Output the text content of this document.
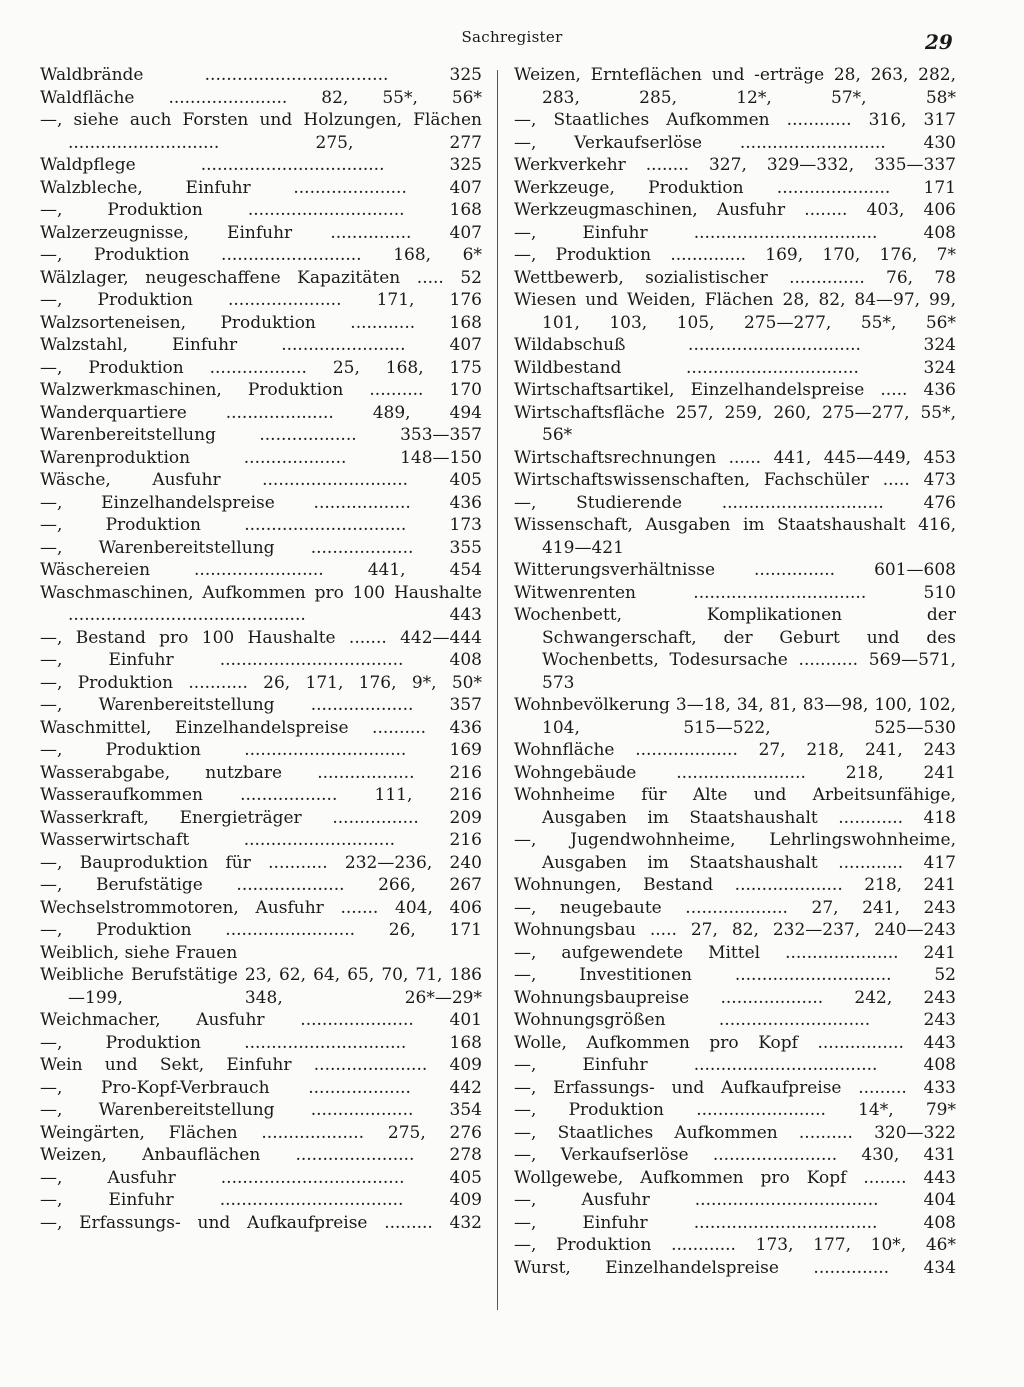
Sachregister	29
Waldbrände .................................. 325
Waldfläche ...................... 82, 55*, 56*
—, siehe auch Forsten und Holzungen, Flächen ............................ 275, 277
Waldpflege .................................. 325
Walzbleche, Einfuhr ..................... 407
—, Produktion ............................. 168
Walzerzeugnisse, Einfuhr ............... 407
—, Produktion .......................... 168, 6*
Wälzlager, neugeschaffene Kapazitäten ..... 52
—, Produktion ..................... 171, 176
Walzsorteneisen, Produktion ............ 168
Walzstahl, Einfuhr ....................... 407
—, Produktion .................. 25, 168, 175
Walzwerkmaschinen, Produktion .......... 170
Wanderquartiere .................... 489, 494
Warenbereitstellung .................. 353—357
Warenproduktion ................... 148—150
Wäsche, Ausfuhr ........................... 405
—, Einzelhandelspreise .................. 436
—, Produktion .............................. 173
—, Warenbereitstellung ................... 355
Wäschereien ........................ 441, 454
Waschmaschinen, Aufkommen pro 100 Haushalte ............................................ 443
—, Bestand pro 100 Haushalte ....... 442—444
—, Einfuhr .................................. 408
—, Produktion ........... 26, 171, 176, 9*, 50*
—, Warenbereitstellung ................... 357
Waschmittel, Einzelhandelspreise .......... 436
—, Produktion .............................. 169
Wasserabgabe, nutzbare .................. 216
Wasseraufkommen .................. 111, 216
Wasserkraft, Energieträger ................ 209
Wasserwirtschaft ............................ 216
—, Bauproduktion für ........... 232—236, 240
—, Berufstätige .................... 266, 267
Wechselstrommotoren, Ausfuhr ....... 404, 406
—, Produktion ........................ 26, 171
Weiblich, siehe Frauen
Weibliche Berufstätige 23, 62, 64, 65, 70, 71, 186—199, 348, 26*—29*
Weichmacher, Ausfuhr ..................... 401
—, Produktion .............................. 168
Wein und Sekt, Einfuhr ..................... 409
—, Pro-Kopf-Verbrauch ................... 442
—, Warenbereitstellung ................... 354
Weingärten, Flächen ................... 275, 276
Weizen, Anbauflächen ...................... 278
—, Ausfuhr .................................. 405
—, Einfuhr .................................. 409
—, Erfassungs- und Aufkaufpreise ......... 432
Weizen, Ernteflächen und -erträge 28, 263, 282, 283, 285, 12*, 57*, 58*
—, Staatliches Aufkommen ............ 316, 317
—, Verkaufserlöse ........................... 430
Werkverkehr ........ 327, 329—332, 335—337
Werkzeuge, Produktion ..................... 171
Werkzeugmaschinen, Ausfuhr ........ 403, 406
—, Einfuhr .................................. 408
—, Produktion .............. 169, 170, 176, 7*
Wettbewerb, sozialistischer .............. 76, 78
Wiesen und Weiden, Flächen 28, 82, 84—97, 99, 101, 103, 105, 275—277, 55*, 56*
Wildabschuß ................................ 324
Wildbestand ................................ 324
Wirtschaftsartikel, Einzelhandelspreise ..... 436
Wirtschaftsfläche 257, 259, 260, 275—277, 55*, 56*
Wirtschaftsrechnungen ...... 441, 445—449, 453
Wirtschaftswissenschaften, Fachschüler ..... 473
—, Studierende .............................. 476
Wissenschaft, Ausgaben im Staatshaushalt 416, 419—421
Witterungsverhältnisse ............... 601—608
Witwenrenten ................................ 510
Wochenbett, Komplikationen der Schwangerschaft, der Geburt und des Wochenbetts, Todesursache ........... 569—571, 573
Wohnbevölkerung 3—18, 34, 81, 83—98, 100, 102, 104, 515—522, 525—530
Wohnfläche ................... 27, 218, 241, 243
Wohngebäude ........................ 218, 241
Wohnheime für Alte und Arbeitsunfähige, Ausgaben im Staatshaushalt ............ 418
—, Jugendwohnheime, Lehrlingswohnheime, Ausgaben im Staatshaushalt ............ 417
Wohnungen, Bestand .................... 218, 241
—, neugebaute ................... 27, 241, 243
Wohnungsbau ..... 27, 82, 232—237, 240—243
—, aufgewendete Mittel ..................... 241
—, Investitionen ............................. 52
Wohnungsbaupreise ................... 242, 243
Wohnungsgrößen ............................ 243
Wolle, Aufkommen pro Kopf ................ 443
—, Einfuhr .................................. 408
—, Erfassungs- und Aufkaufpreise ......... 433
—, Produktion ........................ 14*, 79*
—, Staatliches Aufkommen .......... 320—322
—, Verkaufserlöse ....................... 430, 431
Wollgewebe, Aufkommen pro Kopf ........ 443
—, Ausfuhr .................................. 404
—, Einfuhr .................................. 408
—, Produktion ............ 173, 177, 10*, 46*
Wurst, Einzelhandelspreise .............. 434
